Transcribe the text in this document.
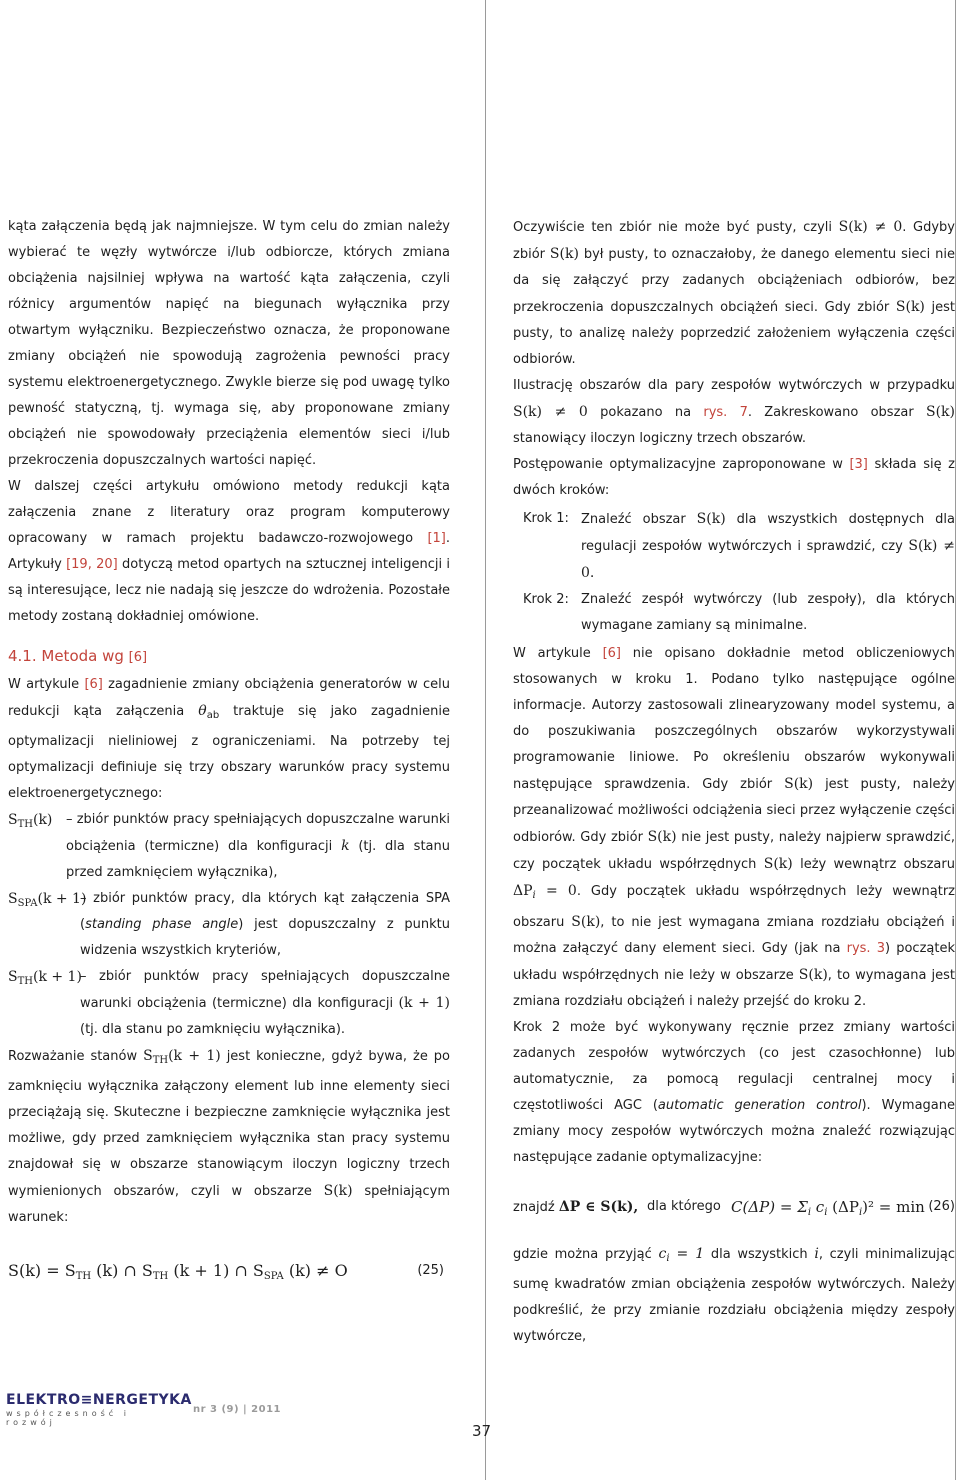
kąta załączenia będą jak najmniejsze. W tym celu do zmian należy wybierać te węzły wytwórcze i/lub odbiorcze, których zmiana obciążenia najsilniej wpływa na wartość kąta załączenia, czyli różnicy argumentów napięć na biegunach wyłącznika przy otwartym wyłączniku. Bezpieczeństwo oznacza, że proponowane zmiany obciążeń nie spowodują zagrożenia pewności pracy systemu elektroenergetycznego. Zwykle bierze się pod uwagę tylko pewność statyczną, tj. wymaga się, aby proponowane zmiany obciążeń nie spowodowały przeciążenia elementów sieci i/lub przekroczenia dopuszczalnych wartości napięć.

W dalszej części artykułu omówiono metody redukcji kąta załączenia znane z literatury oraz program komputerowy opracowany w ramach projektu badawczo-rozwojowego [1]. Artykuły [19, 20] dotyczą metod opartych na sztucznej inteligencji i są interesujące, lecz nie nadają się jeszcze do wdrożenia. Pozostałe metody zostaną dokładniej omówione.

4.1. Metoda wg [6]

W artykule [6] zagadnienie zmiany obciążenia generatorów w celu redukcji kąta załączenia $\theta_{ab}$ traktuje się jako zagadnienie optymalizacji nieliniowej z ograniczeniami. Na potrzeby tej optymalizacji definiuje się trzy obszary warunków pracy systemu elektroenergetycznego:

$S_{TH}(k)$ – zbiór punktów pracy spełniających dopuszczalne warunki obciążenia (termiczne) dla konfiguracji k (tj. dla stanu przed zamknięciem wyłącznika),

$S_{SPA}(k + 1)$

– zbiór punktów pracy, dla których kąt załączenia SPA (standing phase angle) jest dopuszczalny z punktu widzenia wszystkich kryteriów,

$S_{TH}(k + 1)$

– zbiór punktów pracy spełniających dopuszczalne warunki obciążenia (termiczne) dla konfiguracji (k + 1) (tj. dla stanu po zamknięciu wyłącznika).

Rozważanie stanów $S_{TH}(k + 1)$ jest konieczne, gdyż bywa, że po zamknięciu wyłącznika załączony element lub inne elementy sieci przeciążają się. Skuteczne i bezpieczne zamknięcie wyłącznika jest możliwe, gdy przed zamknięciem wyłącznika stan pracy systemu znajdował się w obszarze stanowiącym iloczyn logiczny trzech wymienionych obszarów, czyli w obszarze S(k) spełniającym warunek:

$S(k) = S_{TH}$ (k) ∩ $S_{TH}$ (k + 1) ∩ $S_{SPA}$ (k) ≠ O	(25)

Oczywiście ten zbiór nie może być pusty, czyli S(k) ≠ 0. Gdyby zbiór S(k) był pusty, to oznaczałoby, że danego elementu sieci nie da się załączyć przy zadanych obciążeniach odbiorów, bez przekroczenia dopuszczalnych obciążeń sieci. Gdy zbiór S(k) jest pusty, to analizę należy poprzedzić założeniem wyłączenia części odbiorów.

Ilustrację obszarów dla pary zespołów wytwórczych w przypadku S(k) ≠ 0 pokazano na rys. 7. Zakreskowano obszar S(k) stanowiący iloczyn logiczny trzech obszarów.

Postępowanie optymalizacyjne zaproponowane w [3] składa się z dwóch kroków:

Krok 1: Znaleźć obszar S(k) dla wszystkich dostępnych dla regulacji zespołów wytwórczych i sprawdzić, czy S(k) ≠ 0.

Krok 2: Znaleźć zespół wytwórczy (lub zespoły), dla których wymagane zamiany są minimalne.

W artykule [6] nie opisano dokładnie metod obliczeniowych stosowanych w kroku 1. Podano tylko następujące ogólne informacje. Autorzy zastosowali zlinearyzowany model systemu, a do poszukiwania poszczególnych obszarów wykorzystywali programowanie liniowe. Po określeniu obszarów wykonywali następujące sprawdzenia. Gdy zbiór S(k) jest pusty, należy przeanalizować możliwości odciążenia sieci przez wyłączenie części odbiorów. Gdy zbiór S(k) nie jest pusty, należy najpierw sprawdzić, czy początek układu współrzędnych S(k) leży wewnątrz obszaru $\Delta P_i = 0$. Gdy początek układu współrzędnych leży wewnątrz obszaru S(k), to nie jest wymagana zmiana rozdziału obciążeń i można załączyć dany element sieci. Gdy (jak na rys. 3) początek układu współrzędnych nie leży w obszarze S(k), to wymagana jest zmiana rozdziału obciążeń i należy przejść do kroku 2.

Krok 2 może być wykonywany ręcznie przez zmiany wartości zadanych zespołów wytwórczych (co jest czasochłonne) lub automatycznie, za pomocą regulacji centralnej mocy i częstotliwości AGC (automatic generation control). Wymagane zmiany mocy zespołów wytwórczych można znaleźć rozwiązując następujące zadanie optymalizacyjne:

znajdź ΔP ∈ S(k), dla którego $C(\Delta P) = \Sigma_i$ $c_i$ $(\Delta P_i)^2 = \min (26)$

gdzie można przyjąć $c_i = 1$ dla wszystkich i, czyli minimalizując sumę kwadratów zmian obciążenia zespołów wytwórczych. Należy podkreślić, że przy zmianie rozdziału obciążenia między zespoły wytwórcze,

ELEKTRO≡NERGETYKA
współczesność i rozwój
nr 3 (9) | 2011
37
